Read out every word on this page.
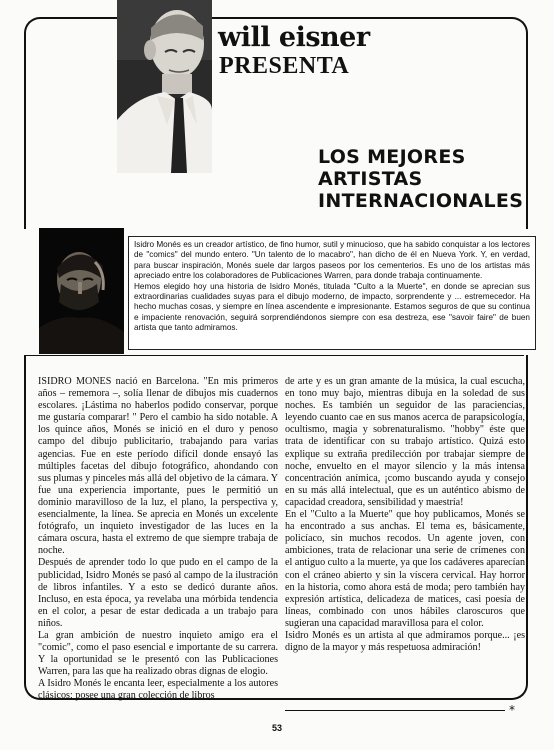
will eisner
PRESENTA
LOS MEJORES
ARTISTAS
INTERNACIONALES

Isidro Monés es un creador artístico, de fino humor, sutil y minucioso, que ha sabido conquistar a los lectores de "comics" del mundo entero. "Un talento de lo macabro", han dicho de él en Nueva York. Y, en verdad, para buscar inspiración, Monés suele dar largos paseos por los cementerios. Es uno de los artistas más apreciado entre los colaboradores de Publicaciones Warren, para donde trabaja continuamente.

Hemos elegido hoy una historia de Isidro Monés, titulada "Culto a la Muerte", en donde se aprecian sus extraordinarias cualidades suyas para el dibujo moderno, de impacto, sorprendente y ... estremecedor. Ha hecho muchas cosas, y siempre en línea ascendente e impresionante. Estamos seguros de que su continua e impaciente renovación, seguirá sorprendiéndonos siempre con esa destreza, ese "savoir faire" de buen artista que tanto admiramos.

ISIDRO MONES nació en Barcelona. "En mis primeros años – rememora –, solía llenar de dibujos mis cuadernos escolares. ¡Lástima no haberlos podido conservar, porque me gustaría comparar! " Pero el cambio ha sido notable. A los quince años, Monés se inició en el duro y penoso campo del dibujo publicitario, trabajando para varias agencias. Fue en este período difícil donde ensayó las múltiples facetas del dibujo fotográfico, ahondando con sus plumas y pinceles más allá del objetivo de la cámara. Y fue una experiencia importante, pues le permitió un dominio maravilloso de la luz, el plano, la perspectiva y, esencialmente, la línea. Se aprecia en Monés un excelente fotógrafo, un inquieto investigador de las luces en la cámara oscura, hasta el extremo de que siempre trabaja de noche.

Después de aprender todo lo que pudo en el campo de la publicidad, Isidro Monés se pasó al campo de la ilustración de libros infantiles. Y a esto se dedicó durante años. Incluso, en esta época, ya revelaba una mórbida tendencia en el color, a pesar de estar dedicada a un trabajo para niños.

La gran ambición de nuestro inquieto amigo era el "comic", como el paso esencial e importante de su carrera. Y la oportunidad se le presentó con las Publicaciones Warren, para las que ha realizado obras dignas de elogio.

A Isidro Monés le encanta leer, especialmente a los autores clásicos; posee una gran colección de libros

de arte y es un gran amante de la música, la cual escucha, en tono muy bajo, mientras dibuja en la soledad de sus noches. Es también un seguidor de las paraciencias, leyendo cuanto cae en sus manos acerca de parapsicología, ocultismo, magia y sobrenaturalismo. "hobby" éste que trata de identificar con su trabajo artístico. Quizá esto explique su extraña predilección por trabajar siempre de noche, envuelto en el mayor silencio y la más intensa concentración anímica, ¡como buscando ayuda y consejo en su más allá intelectual, que es un auténtico abismo de capacidad creadora, sensibilidad y maestría!

En el "Culto a la Muerte" que hoy publicamos, Monés se ha encontrado a sus anchas. El tema es, básicamente, policíaco, sin muchos recodos. Un agente joven, con ambiciones, trata de relacionar una serie de crímenes con el antiguo culto a la muerte, ya que los cadáveres aparecían con el cráneo abierto y sin la víscera cervical. Hay horror en la historia, como ahora está de moda; pero también hay expresión artística, delicadeza de matices, casi poesía de líneas, combinado con unos hábiles claroscuros que sugieran una capacidad maravillosa para el color.

Isidro Monés es un artista al que admiramos porque... ¡es digno de la mayor y más respetuosa admiración!

*
53
